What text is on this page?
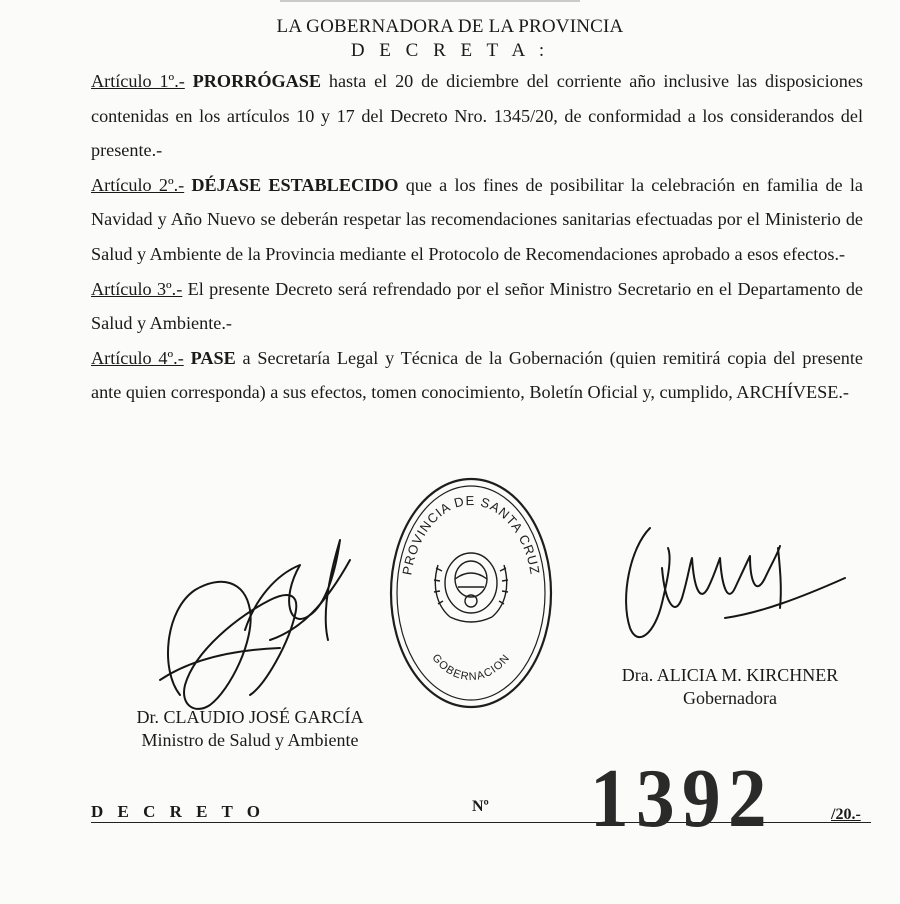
LA GOBERNADORA DE LA PROVINCIA
D E C R E T A :

Artículo 1º.- PRORRÓGASE hasta el 20 de diciembre del corriente año inclusive las disposiciones contenidas en los artículos 10 y 17 del Decreto Nro. 1345/20, de conformidad a los considerandos del presente.-

Artículo 2º.- DÉJASE ESTABLECIDO que a los fines de posibilitar la celebración en familia de la Navidad y Año Nuevo se deberán respetar las recomendaciones sanitarias efectuadas por el Ministerio de Salud y Ambiente de la Provincia mediante el Protocolo de Recomendaciones aprobado a esos efectos.-

Artículo 3º.- El presente Decreto será refrendado por el señor Ministro Secretario en el Departamento de Salud y Ambiente.-

Artículo 4º.- PASE a Secretaría Legal y Técnica de la Gobernación (quien remitirá copia del presente ante quien corresponda) a sus efectos, tomen conocimiento, Boletín Oficial y, cumplido, ARCHÍVESE.-

PROVINCIA DE SANTA CRUZ
GOBERNACION
Dr. CLAUDIO JOSÉ GARCÍA
Ministro de Salud y Ambiente
Dra. ALICIA M. KIRCHNER
Gobernadora
D E C R E T O	Nº 1392	/20.-
